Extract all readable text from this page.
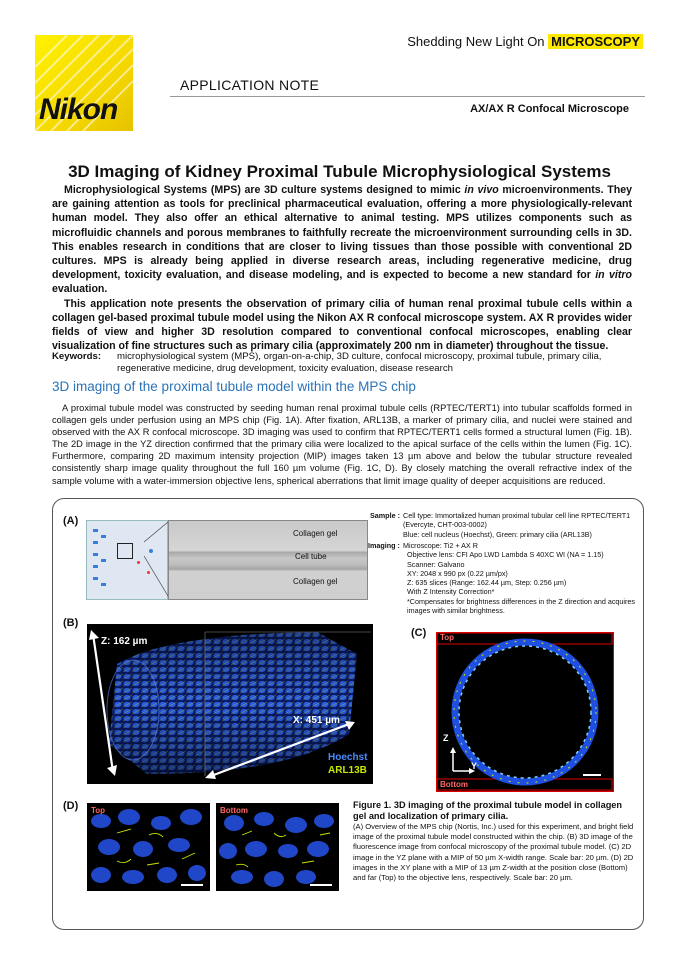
Nikon
Shedding New Light On MICROSCOPY
APPLICATION NOTE
AX/AX R Confocal Microscope
3D Imaging of Kidney Proximal Tubule Microphysiological Systems

Microphysiological Systems (MPS) are 3D culture systems designed to mimic in vivo microenvironments. They are gaining attention as tools for preclinical pharmaceutical evaluation, offering a more physiologically-relevant human model. They also offer an ethical alternative to animal testing. MPS utilizes components such as microfluidic channels and porous membranes to faithfully recreate the microenvironment surrounding cells in 3D. This enables research in conditions that are closer to living tissues than those possible with conventional 2D cultures. MPS is already being applied in diverse research areas, including regenerative medicine, drug development, toxicity evaluation, and disease modeling, and is expected to become a new standard for in vitro evaluation.

This application note presents the observation of primary cilia of human renal proximal tubule cells within a collagen gel-based proximal tubule model using the Nikon AX R confocal microscope system. AX R provides wider fields of view and higher 3D resolution compared to conventional confocal microscopes, enabling clear visualization of fine structures such as primary cilia (approximately 200 nm in diameter) throughout the tissue.

Keywords: microphysiological system (MPS), organ-on-a-chip, 3D culture, confocal microscopy, proximal tubule, primary cilia, regenerative medicine, drug development, toxicity evaluation, disease research
3D imaging of the proximal tubule model within the MPS chip

A proximal tubule model was constructed by seeding human renal proximal tubule cells (RPTEC/TERT1) into tubular scaffolds formed in collagen gels under perfusion using an MPS chip (Fig. 1A). After fixation, ARL13B, a marker of primary cilia, and nuclei were stained and observed with the AX R confocal microscope. 3D imaging was used to confirm that RPTEC/TERT1 cells formed a structural lumen (Fig. 1B). The 2D image in the YZ direction confirmed that the primary cilia were localized to the apical surface of the cells within the lumen (Fig. 1C). Furthermore, comparing 2D maximum intensity projection (MIP) images taken 13 µm above and below the tubular structure revealed consistently sharp image quality throughout the full 160 µm volume (Fig. 1C, D). By closely matching the overall refractive index of the sample volume with a water-immersion objective lens, spherical aberrations that limit image quality of deeper acquisitions are reduced.

(A)
Collagen gel
Cell tube
Collagen gel
Sample : Cell type: Immortalized human proximal tubular cell line RPTEC/TERT1
(Evercyte, CHT-003-0002)
Blue: cell nucleus (Hoechst), Green: primary cilia (ARL13B)
Imaging : Microscope: Ti2 + AX R
Objective lens: CFI Apo LWD Lambda S 40XC WI (NA = 1.15)
Scanner: Galvano
XY: 2048 x 990 px (0.22 µm/px)
Z: 635 slices (Range: 162.44 µm, Step: 0.256 µm)
With Z Intensity Correction*
*Compensates for brightness differences in the Z direction and acquires
images with similar brightness.
(B)
Z: 162 µm
X: 451 µm
Hoechst
ARL13B
(C) Top
Bottom
Z
Y
(D) Top	Bottom
Figure 1. 3D imaging of the proximal tubule model in collagen gel and localization of primary cilia.
(A) Overview of the MPS chip (Nortis, Inc.) used for this experiment, and bright field image of the proximal tubule model constructed within the chip. (B) 3D image of the fluorescence image from confocal microscopy of the proximal tubule model. (C) 2D image in the YZ plane with a MIP of 50 µm X-width range. Scale bar: 20 µm. (D) 2D images in the XY plane with a MIP of 13 µm Z-width at the position close (Bottom) and far (Top) to the objective lens, respectively. Scale bar: 20 µm.
